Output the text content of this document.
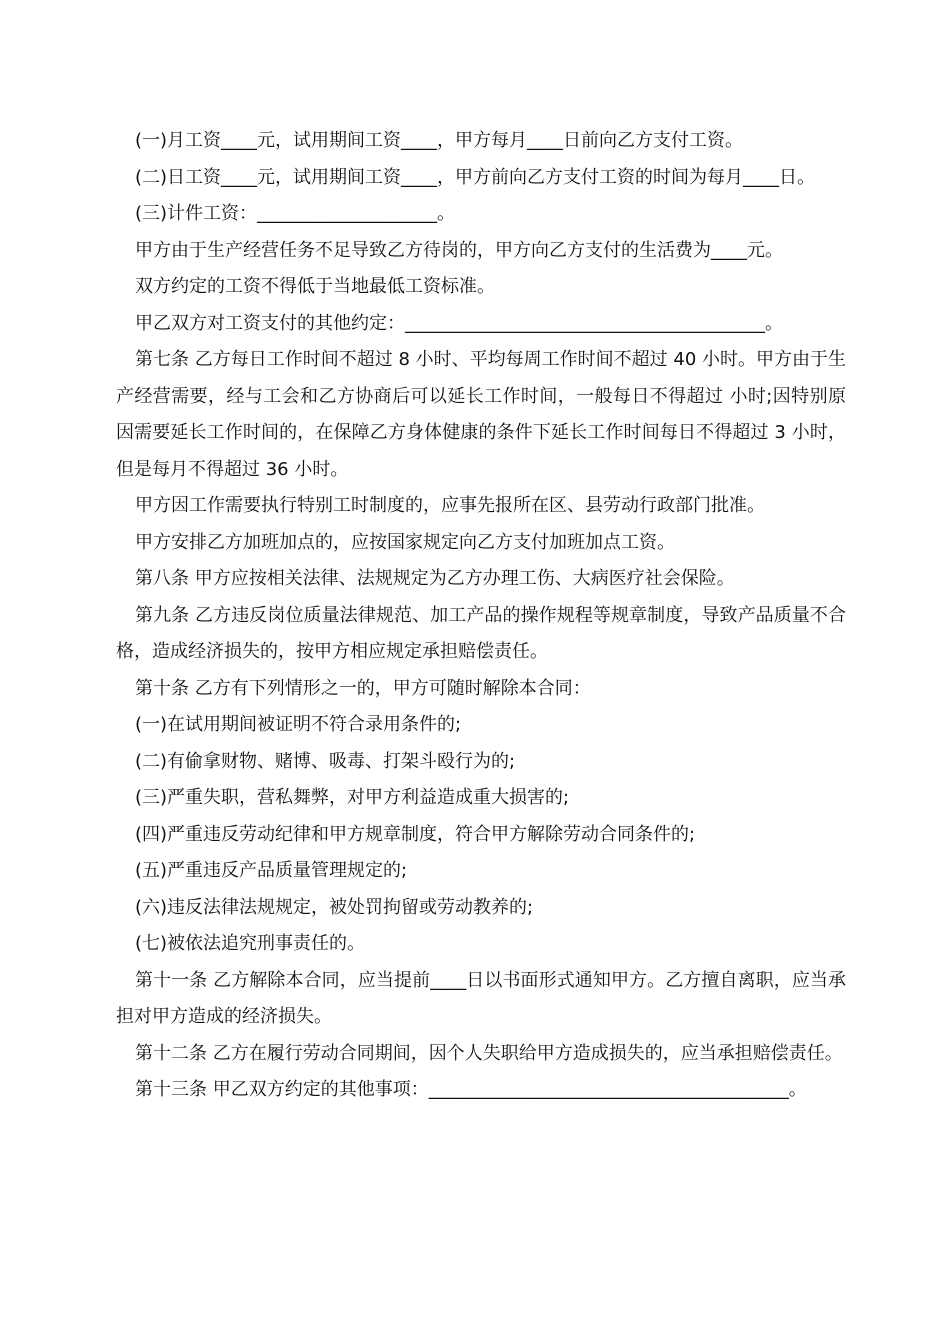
(一)月工资____元，试用期间工资____，甲方每月____日前向乙方支付工资。

(二)日工资____元，试用期间工资____，甲方前向乙方支付工资的时间为每月____日。

(三)计件工资：____________________。

甲方由于生产经营任务不足导致乙方待岗的，甲方向乙方支付的生活费为____元。

双方约定的工资不得低于当地最低工资标准。

甲乙双方对工资支付的其他约定：________________________________________。

第七条 乙方每日工作时间不超过 8 小时、平均每周工作时间不超过 40 小时。甲方由于生产经营需要，经与工会和乙方协商后可以延长工作时间，一般每日不得超过 小时;因特别原因需要延长工作时间的，在保障乙方身体健康的条件下延长工作时间每日不得超过 3 小时，但是每月不得超过 36 小时。

甲方因工作需要执行特别工时制度的，应事先报所在区、县劳动行政部门批准。

甲方安排乙方加班加点的，应按国家规定向乙方支付加班加点工资。

第八条 甲方应按相关法律、法规规定为乙方办理工伤、大病医疗社会保险。

第九条 乙方违反岗位质量法律规范、加工产品的操作规程等规章制度，导致产品质量不合格，造成经济损失的，按甲方相应规定承担赔偿责任。

第十条 乙方有下列情形之一的，甲方可随时解除本合同：

(一)在试用期间被证明不符合录用条件的;

(二)有偷拿财物、赌博、吸毒、打架斗殴行为的;

(三)严重失职，营私舞弊，对甲方利益造成重大损害的;

(四)严重违反劳动纪律和甲方规章制度，符合甲方解除劳动合同条件的;

(五)严重违反产品质量管理规定的;

(六)违反法律法规规定，被处罚拘留或劳动教养的;

(七)被依法追究刑事责任的。

第十一条 乙方解除本合同，应当提前____日以书面形式通知甲方。乙方擅自离职，应当承担对甲方造成的经济损失。

第十二条 乙方在履行劳动合同期间，因个人失职给甲方造成损失的，应当承担赔偿责任。

第十三条 甲乙双方约定的其他事项：________________________________________。
